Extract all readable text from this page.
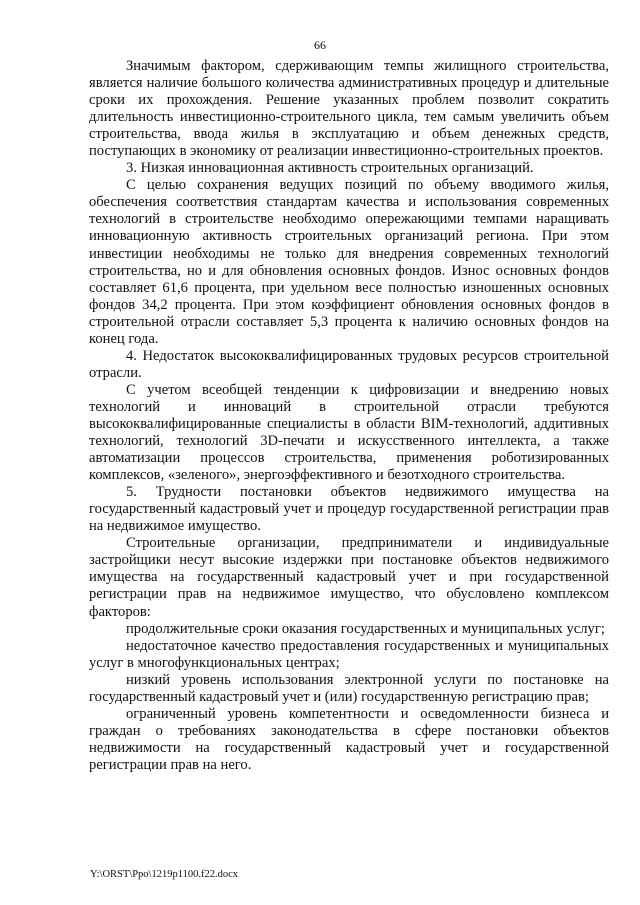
66

Значимым фактором, сдерживающим темпы жилищного строительства, является наличие большого количества административных процедур и длительные сроки их прохождения. Решение указанных проблем позволит сократить длительность инвестиционно-строительного цикла, тем самым увеличить объем строительства, ввода жилья в эксплуатацию и объем денежных средств, поступающих в экономику от реализации инвестиционно-строительных проектов.

3. Низкая инновационная активность строительных организаций.

С целью сохранения ведущих позиций по объему вводимого жилья, обеспечения соответствия стандартам качества и использования современных технологий в строительстве необходимо опережающими темпами наращивать инновационную активность строительных организаций региона. При этом инвестиции необходимы не только для внедрения современных технологий строительства, но и для обновления основных фондов. Износ основных фондов составляет 61,6 процента, при удельном весе полностью изношенных основных фондов 34,2 процента. При этом коэффициент обновления основных фондов в строительной отрасли составляет 5,3 процента к наличию основных фондов на конец года.

4. Недостаток высококвалифицированных трудовых ресурсов строительной отрасли.

С учетом всеобщей тенденции к цифровизации и внедрению новых технологий и инноваций в строительной отрасли требуются высококвалифицированные специалисты в области BIM-технологий, аддитивных технологий, технологий 3D-печати и искусственного интеллекта, а также автоматизации процессов строительства, применения роботизированных комплексов, «зеленого», энергоэффективного и безотходного строительства.

5. Трудности постановки объектов недвижимого имущества на государственный кадастровый учет и процедур государственной регистрации прав на недвижимое имущество.

Строительные организации, предприниматели и индивидуальные застройщики несут высокие издержки при постановке объектов недвижимого имущества на государственный кадастровый учет и при государственной регистрации прав на недвижимое имущество, что обусловлено комплексом факторов:

продолжительные сроки оказания государственных и муниципальных услуг;

недостаточное качество предоставления государственных и муниципальных услуг в многофункциональных центрах;

низкий уровень использования электронной услуги по постановке на государственный кадастровый учет и (или) государственную регистрацию прав;

ограниченный уровень компетентности и осведомленности бизнеса и граждан о требованиях законодательства в сфере постановки объектов недвижимости на государственный кадастровый учет и государственной регистрации прав на него.

Y:\ORST\Ppo\1219p1100.f22.docx
